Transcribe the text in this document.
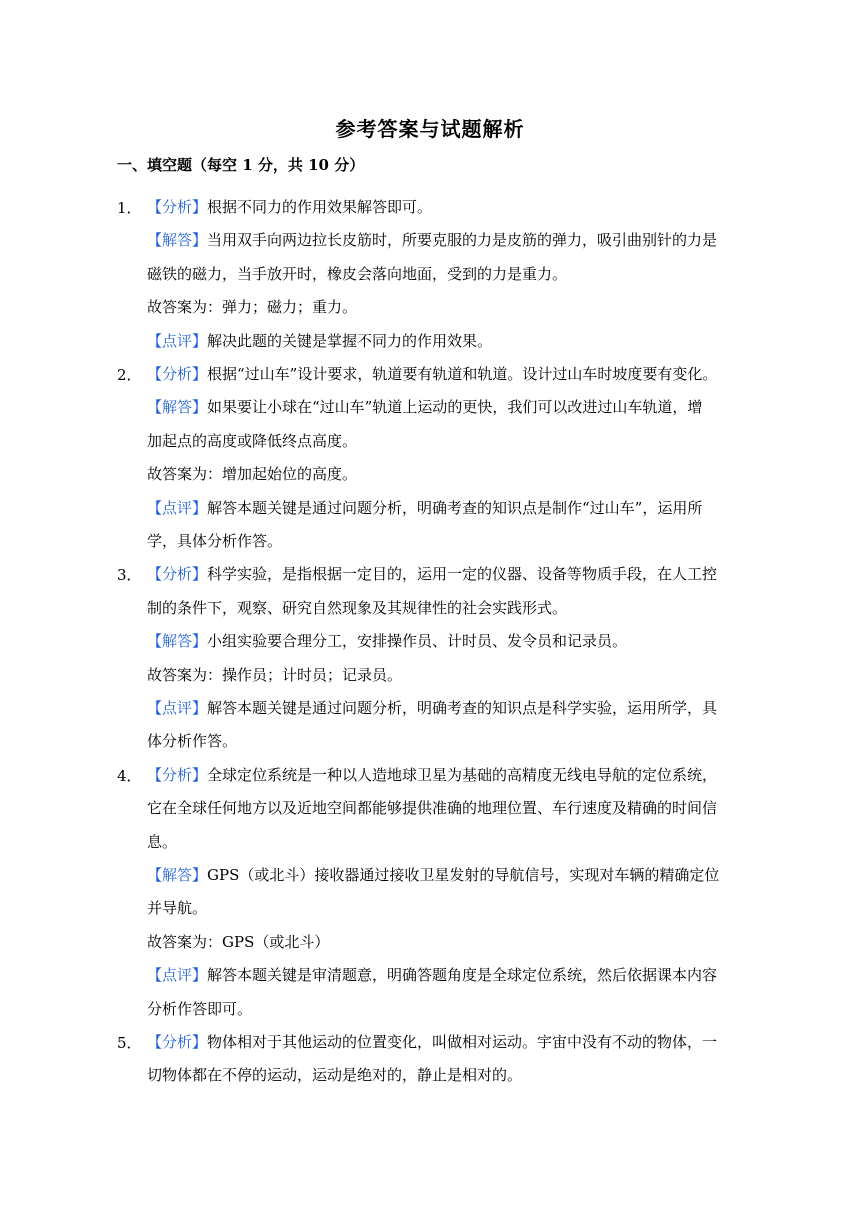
参考答案与试题解析
一、填空题（每空 1 分，共 10 分）
1． 【分析】根据不同力的作用效果解答即可。
【解答】当用双手向两边拉长皮筋时，所要克服的力是皮筋的弹力，吸引曲别针的力是
磁铁的磁力，当手放开时，橡皮会落向地面，受到的力是重力。
故答案为：弹力；磁力；重力。
【点评】解决此题的关键是掌握不同力的作用效果。
2． 【分析】根据“过山车”设计要求，轨道要有轨道和轨道。设计过山车时坡度要有变化。
【解答】如果要让小球在“过山车”轨道上运动的更快，我们可以改进过山车轨道，增
加起点的高度或降低终点高度。
故答案为：增加起始位的高度。
【点评】解答本题关键是通过问题分析，明确考查的知识点是制作“过山车”，运用所
学，具体分析作答。
3． 【分析】科学实验，是指根据一定目的，运用一定的仪器、设备等物质手段，在人工控
制的条件下，观察、研究自然现象及其规律性的社会实践形式。
【解答】小组实验要合理分工，安排操作员、计时员、发令员和记录员。
故答案为：操作员；计时员；记录员。
【点评】解答本题关键是通过问题分析，明确考查的知识点是科学实验，运用所学，具
体分析作答。
4． 【分析】全球定位系统是一种以人造地球卫星为基础的高精度无线电导航的定位系统，
它在全球任何地方以及近地空间都能够提供准确的地理位置、车行速度及精确的时间信
息。
【解答】GPS（或北斗）接收器通过接收卫星发射的导航信号，实现对车辆的精确定位
并导航。
故答案为：GPS（或北斗）
【点评】解答本题关键是审清题意，明确答题角度是全球定位系统，然后依据课本内容
分析作答即可。
5． 【分析】物体相对于其他运动的位置变化，叫做相对运动。宇宙中没有不动的物体，一
切物体都在不停的运动，运动是绝对的，静止是相对的。
